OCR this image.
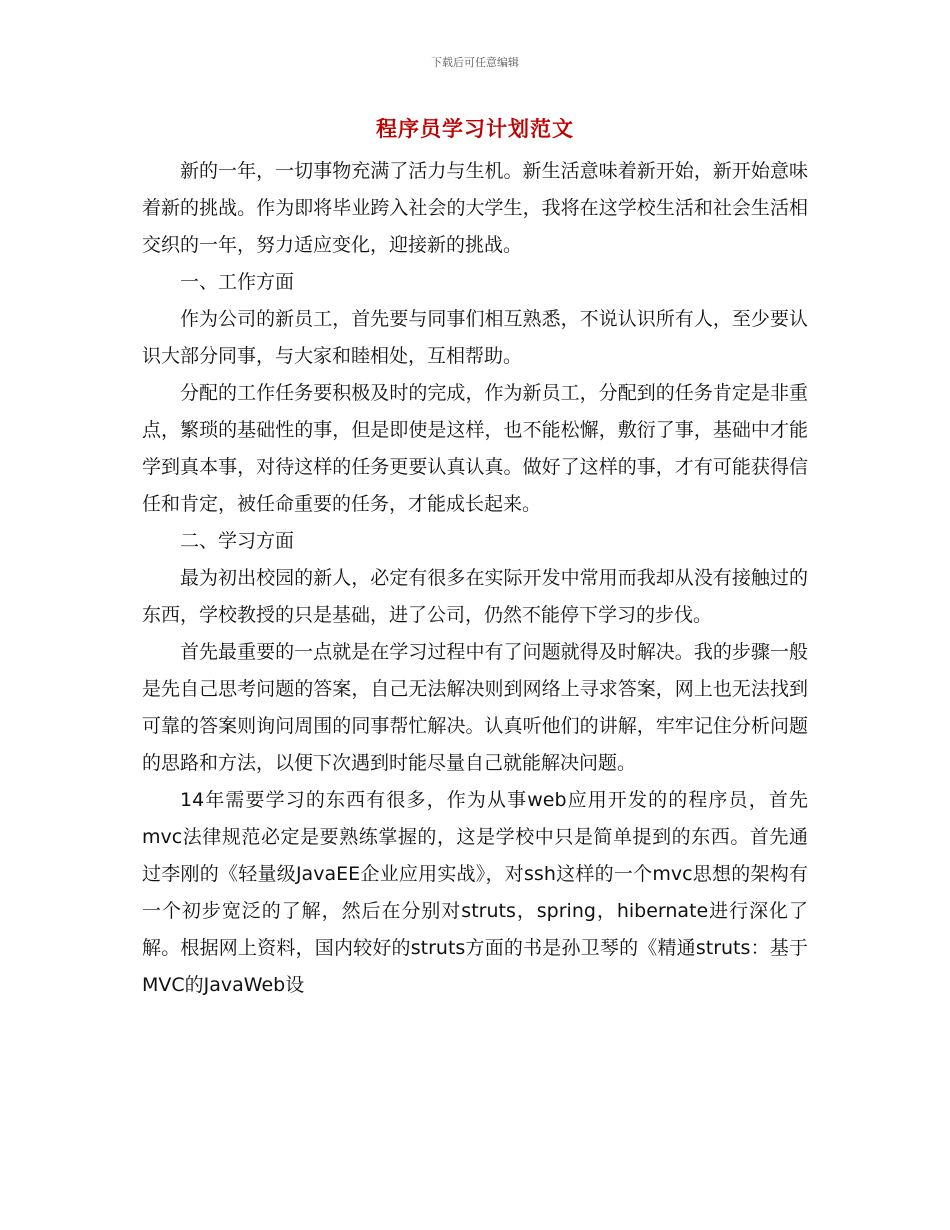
下载后可任意编辑
程序员学习计划范文

新的一年，一切事物充满了活力与生机。新生活意味着新开始，新开始意味着新的挑战。作为即将毕业跨入社会的大学生，我将在这学校生活和社会生活相交织的一年，努力适应变化，迎接新的挑战。

一、工作方面

作为公司的新员工，首先要与同事们相互熟悉，不说认识所有人，至少要认识大部分同事，与大家和睦相处，互相帮助。

分配的工作任务要积极及时的完成，作为新员工，分配到的任务肯定是非重点，繁琐的基础性的事，但是即使是这样，也不能松懈，敷衍了事，基础中才能学到真本事，对待这样的任务更要认真认真。做好了这样的事，才有可能获得信任和肯定，被任命重要的任务，才能成长起来。

二、学习方面

最为初出校园的新人，必定有很多在实际开发中常用而我却从没有接触过的东西，学校教授的只是基础，进了公司，仍然不能停下学习的步伐。

首先最重要的一点就是在学习过程中有了问题就得及时解决。我的步骤一般是先自己思考问题的答案，自己无法解决则到网络上寻求答案，网上也无法找到可靠的答案则询问周围的同事帮忙解决。认真听他们的讲解，牢牢记住分析问题的思路和方法，以便下次遇到时能尽量自己就能解决问题。

14年需要学习的东西有很多，作为从事web应用开发的的程序员，首先mvc法律规范必定是要熟练掌握的，这是学校中只是简单提到的东西。首先通过李刚的《轻量级JavaEE企业应用实战》，对ssh这样的一个mvc思想的架构有一个初步宽泛的了解，然后在分别对struts，spring，hibernate进行深化了解。根据网上资料，国内较好的struts方面的书是孙卫琴的《精通struts：基于MVC的JavaWeb设
